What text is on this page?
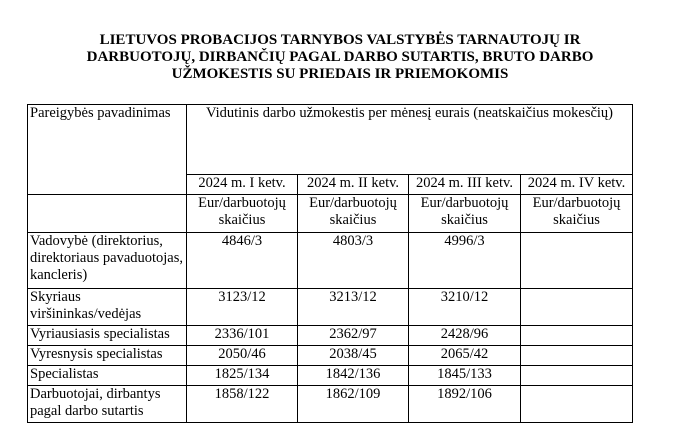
LIETUVOS PROBACIJOS TARNYBOS VALSTYBĖS TARNAUTOJŲ IR
DARBUOTOJŲ, DIRBANČIŲ PAGAL DARBO SUTARTIS, BRUTO DARBO
UŽMOKESTIS SU PRIEDAIS IR PRIEMOKOMIS
Pareigybės pavadinimas	Vidutinis darbo užmokestis per mėnesį eurais (neatskaičius mokesčių)			
	2024 m. I ketv.	2024 m. II ketv.	2024 m. III ketv.	2024 m. IV ketv.
	Eur/darbuotojų skaičius	Eur/darbuotojų skaičius	Eur/darbuotojų skaičius	Eur/darbuotojų skaičius
Vadovybė (direktorius, direktoriaus pavaduotojas, kancleris)	4846/3	4803/3	4996/3	
Skyriaus viršininkas/vedėjas	3123/12	3213/12	3210/12	
Vyriausiasis specialistas	2336/101	2362/97	2428/96	
Vyresnysis specialistas	2050/46	2038/45	2065/42	
Specialistas	1825/134	1842/136	1845/133	
Darbuotojai, dirbantys pagal darbo sutartis	1858/122	1862/109	1892/106	
